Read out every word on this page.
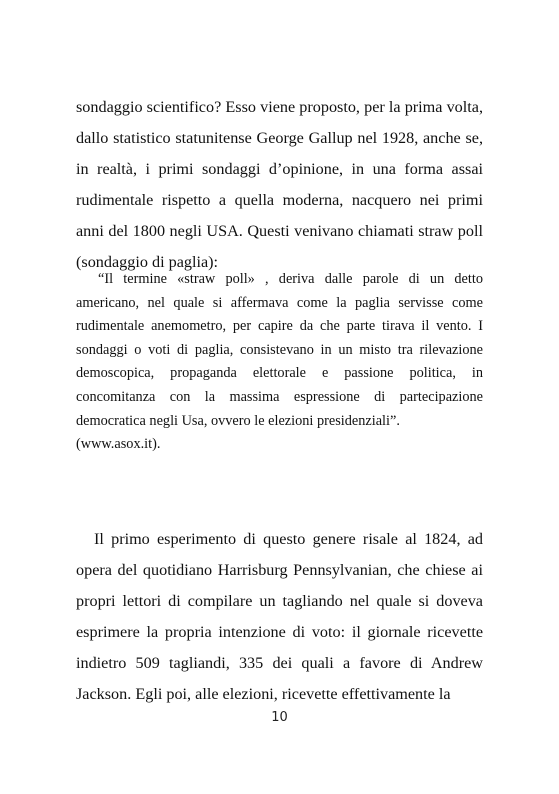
sondaggio scientifico? Esso viene proposto, per la prima volta, dallo statistico statunitense George Gallup nel 1928, anche se, in realtà, i primi sondaggi d’opinione, in una forma assai rudimentale rispetto a quella moderna, nacquero nei primi anni del 1800 negli USA. Questi venivano chiamati straw poll (sondaggio di paglia):

“Il termine «straw poll» , deriva dalle parole di un detto americano, nel quale si affermava come la paglia servisse come rudimentale anemometro, per capire da che parte tirava il vento. I sondaggi o voti di paglia, consistevano in un misto tra rilevazione demoscopica, propaganda elettorale e passione politica, in concomitanza con la massima espressione di partecipazione democratica negli Usa, ovvero le elezioni presidenziali”.

(www.asox.it).

Il primo esperimento di questo genere risale al 1824, ad opera del quotidiano Harrisburg Pennsylvanian, che chiese ai propri lettori di compilare un tagliando nel quale si doveva esprimere la propria intenzione di voto: il giornale ricevette indietro 509 tagliandi, 335 dei quali a favore di Andrew Jackson. Egli poi, alle elezioni, ricevette effettivamente la

10
